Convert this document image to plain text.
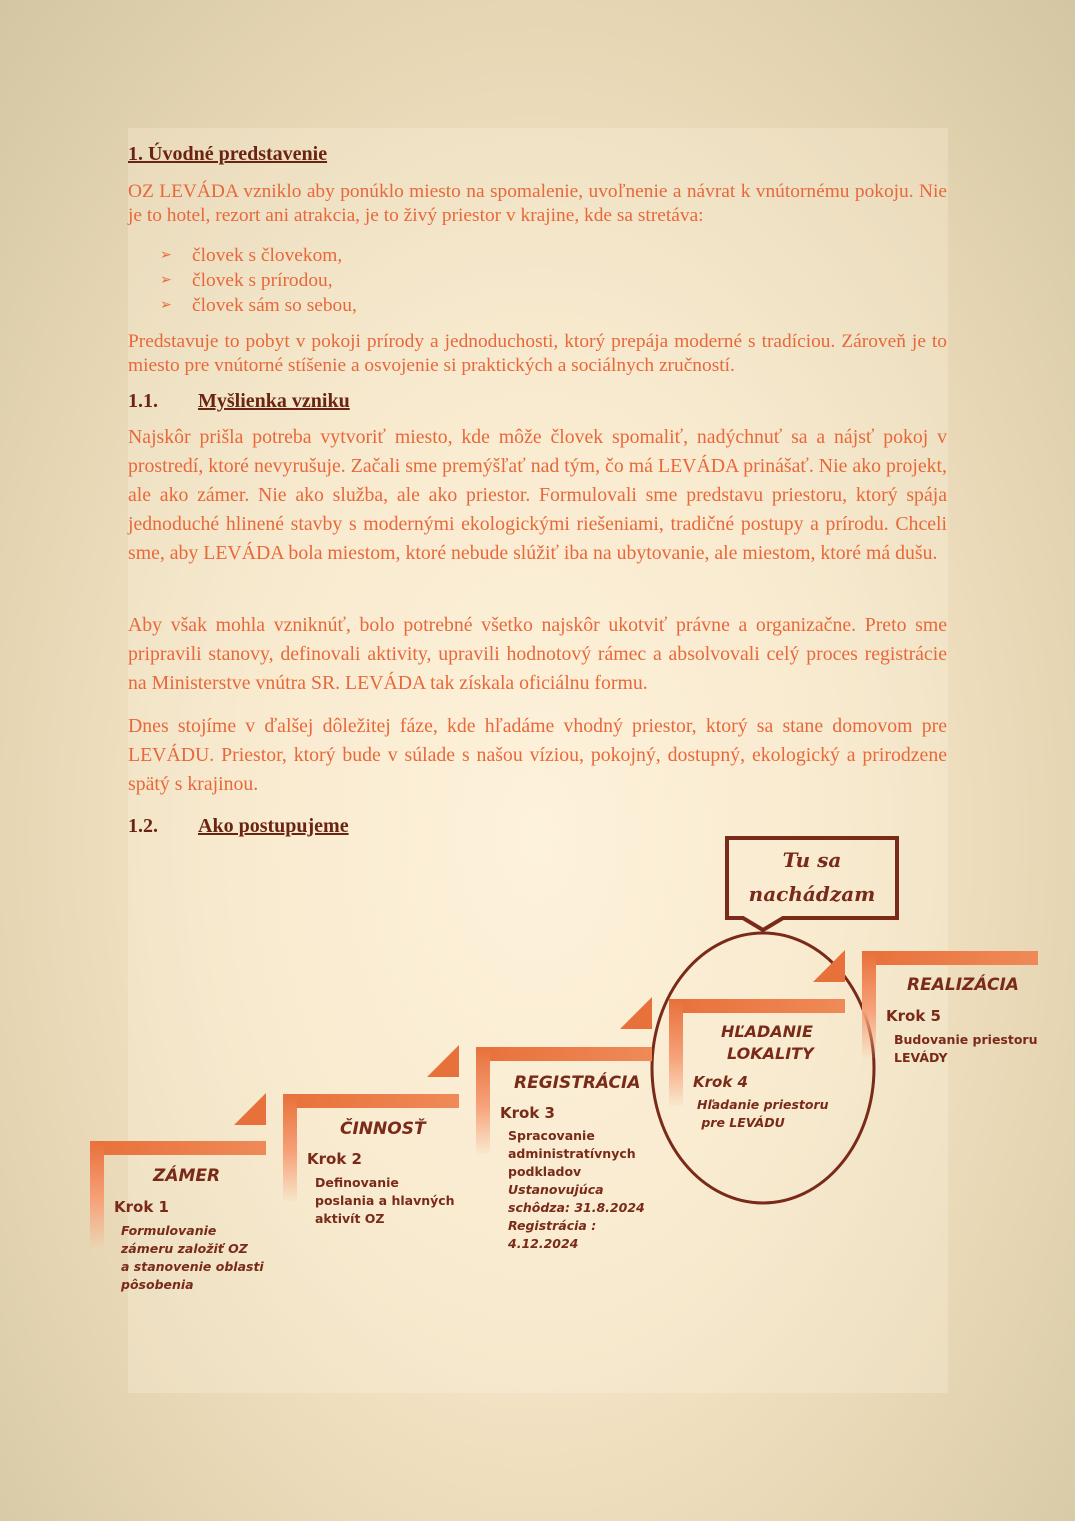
1. Úvodné predstavenie

OZ LEVÁDA vzniklo aby ponúklo miesto na spomalenie, uvoľnenie a návrat k vnútornému pokoju. Nie je to hotel, rezort ani atrakcia, je to živý priestor v krajine, kde sa stretáva:

➢ človek s človekom,
➢ človek s prírodou,
➢ človek sám so sebou,

Predstavuje to pobyt v pokoji prírody a jednoduchosti, ktorý prepája moderné s tradíciou. Zároveň je to miesto pre vnútorné stíšenie a osvojenie si praktických a sociálnych zručností.

1.1. Myšlienka vzniku

Najskôr prišla potreba vytvoriť miesto, kde môže človek spomaliť, nadýchnuť sa a nájsť pokoj v prostredí, ktoré nevyrušuje. Začali sme premýšľať nad tým, čo má LEVÁDA prinášať. Nie ako projekt, ale ako zámer. Nie ako služba, ale ako priestor. Formulovali sme predstavu priestoru, ktorý spája jednoduché hlinené stavby s modernými ekologickými riešeniami, tradičné postupy a prírodu. Chceli sme, aby LEVÁDA bola miestom, ktoré nebude slúžiť iba na ubytovanie, ale miestom, ktoré má dušu.

Aby však mohla vzniknúť, bolo potrebné všetko najskôr ukotviť právne a organizačne. Preto sme pripravili stanovy, definovali aktivity, upravili hodnotový rámec a absolvovali celý proces registrácie na Ministerstve vnútra SR. LEVÁDA tak získala oficiálnu formu.

Dnes stojíme v ďalšej dôležitej fáze, kde hľadáme vhodný priestor, ktorý sa stane domovom pre LEVÁDU. Priestor, ktorý bude v súlade s našou víziou, pokojný, dostupný, ekologický a prirodzene spätý s krajinou.

1.2. Ako postupujeme
Tu sa
nachádzam
ZÁMER
Krok 1
Formulovanie
zámeru založiť OZ
a stanovenie oblasti
pôsobenia
ČINNOSŤ
Krok 2
Definovanie
poslania a hlavných
aktivít OZ
REGISTRÁCIA
Krok 3
Spracovanie
administratívnych
podkladov
Ustanovujúca
schôdza: 31.8.2024
Registrácia :
4.12.2024
HĽADANIE
LOKALITY
Krok 4
Hľadanie priestoru
pre LEVÁDU
REALIZÁCIA
Krok 5
Budovanie priestoru
LEVÁDY
